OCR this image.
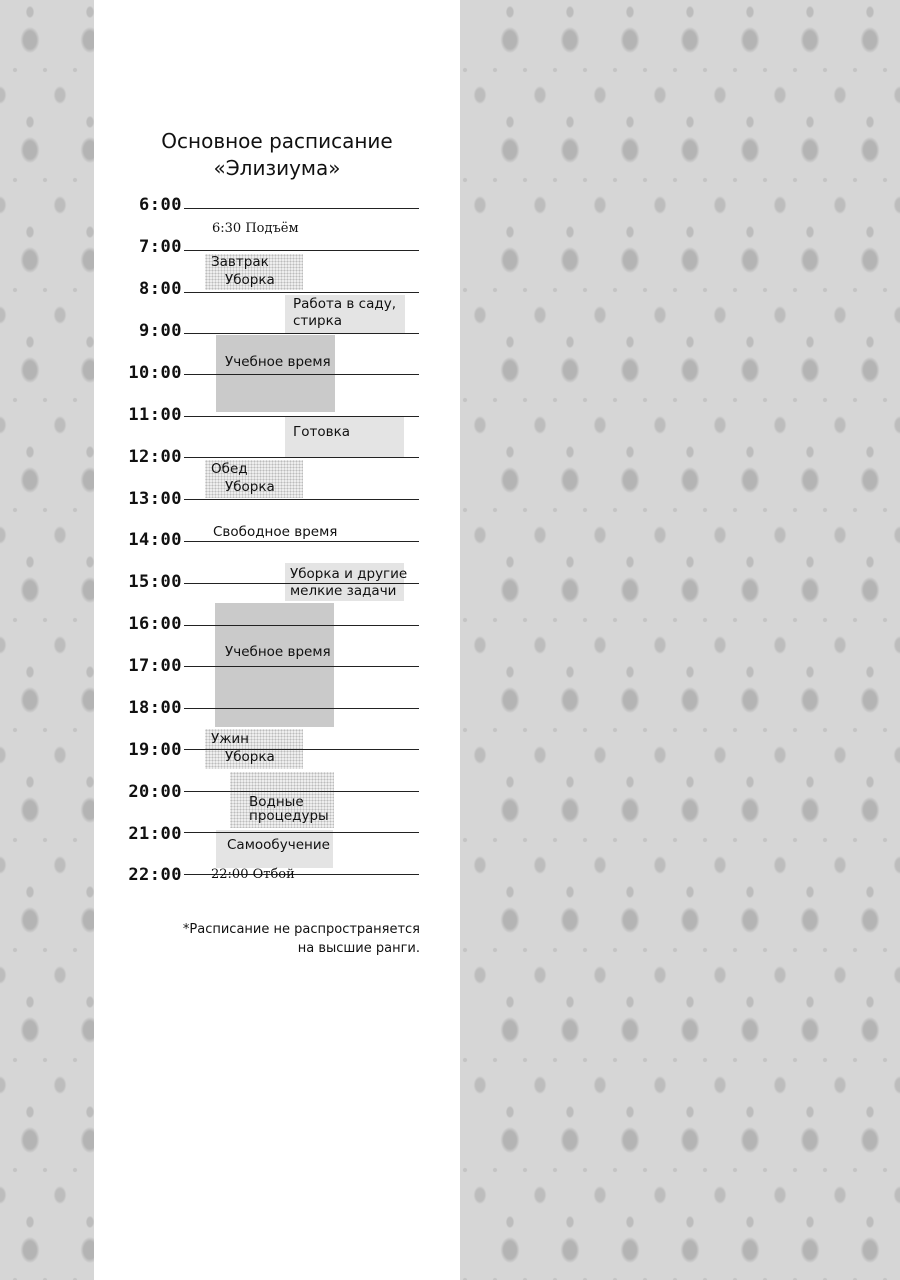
Основное расписание
«Элизиума»
6:00
7:00
8:00
9:00
10:00
11:00
12:00
13:00
14:00
15:00
16:00
17:00
18:00
19:00
20:00
21:00
22:00
6:30 Подъём
Завтрак
Уборка
Работа в саду,
стирка
Учебное время
Готовка
Обед
Уборка
Свободное время
Уборка и другие
мелкие задачи
Учебное время
Ужин
Уборка
Водные
процедуры
Самообучение
22:00 Отбой
*Расписание не распространяется
на высшие ранги.
